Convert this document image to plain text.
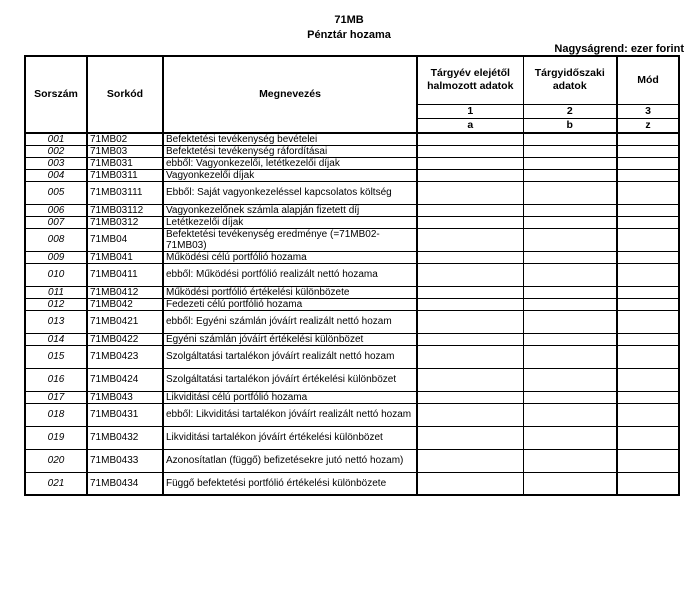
71MB
Pénztár hozama
Nagyságrend: ezer forint
Sorszám	Sorkód	Megnevezés	Tárgyév elejétől halmozott adatok	Tárgyidőszaki adatok	Mód
			1	2	3
			a	b	z
001	71MB02	Befektetési tevékenység bevételei			
002	71MB03	Befektetési tevékenység ráfordításai			
003	71MB031	ebből: Vagyonkezelői, letétkezelői díjak			
004	71MB0311	Vagyonkezelői díjak			
005	71MB03111	Ebből: Saját vagyonkezeléssel kapcsolatos költség			
006	71MB03112	Vagyonkezelőnek számla alapján fizetett díj			
007	71MB0312	Letétkezelői díjak			
008	71MB04	Befektetési tevékenység eredménye (=71MB02-71MB03)			
009	71MB041	Működési célú portfólió hozama			
010	71MB0411	ebből: Működési portfólió realizált nettó hozama			
011	71MB0412	Működési portfólió értékelési különbözete			
012	71MB042	Fedezeti célú portfólió hozama			
013	71MB0421	ebből: Egyéni számlán jóváírt realizált nettó hozam			
014	71MB0422	Egyéni számlán jóváírt értékelési különbözet			
015	71MB0423	Szolgáltatási tartalékon jóváírt realizált nettó hozam			
016	71MB0424	Szolgáltatási tartalékon jóváírt értékelési különbözet			
017	71MB043	Likviditási célú portfólió hozama			
018	71MB0431	ebből: Likviditási tartalékon jóváírt realizált nettó hozam			
019	71MB0432	Likviditási tartalékon jóváírt értékelési különbözet			
020	71MB0433	Azonosítatlan (függő) befizetésekre jutó nettó hozam)			
021	71MB0434	Függő befektetési portfólió értékelési különbözete			
